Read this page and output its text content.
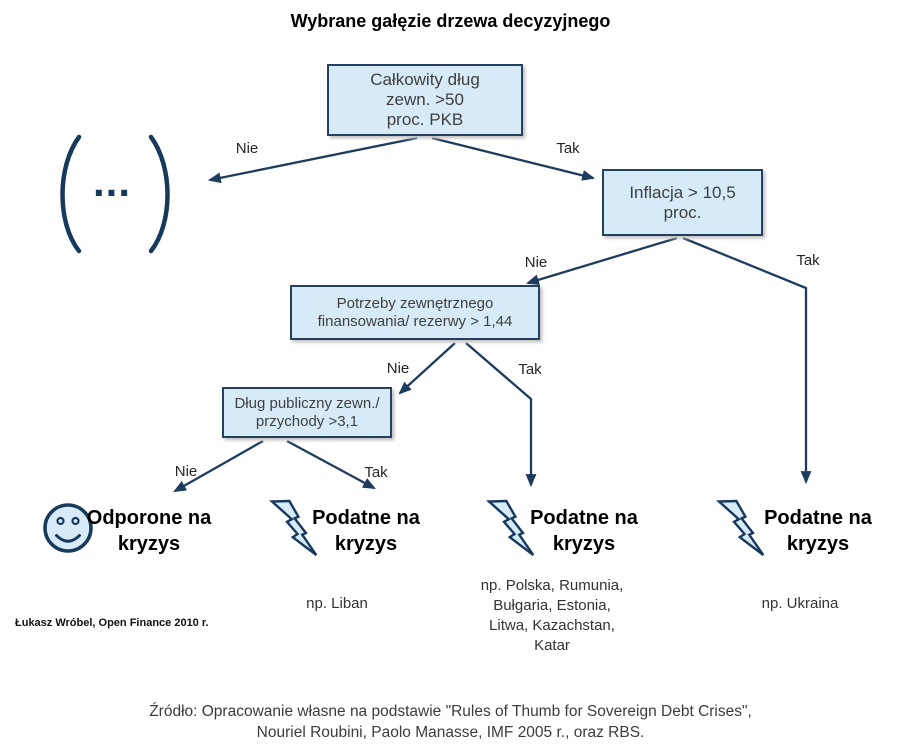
Wybrane gałęzie drzewa decyzyjnego
Całkowity dług
zewn. >50
proc. PKB
Inflacja > 10,5
proc.
Potrzeby zewnętrznego
finansowania/ rezerwy > 1,44
Dług publiczny zewn./
przychody >3,1
...
Nie	Tak
Nie	Tak
Nie	Tak
Nie	Tak
Odporone na
kryzys
Podatne na
kryzys
Podatne na
kryzys
Podatne na
kryzys
np. Liban
np. Polska, Rumunia,
Bułgaria, Estonia,
Litwa, Kazachstan,
Katar
np. Ukraina
Łukasz Wróbel, Open Finance 2010 r.
Źródło: Opracowanie własne na podstawie "Rules of Thumb for Sovereign Debt Crises",
Nouriel Roubini, Paolo Manasse, IMF 2005 r., oraz RBS.
